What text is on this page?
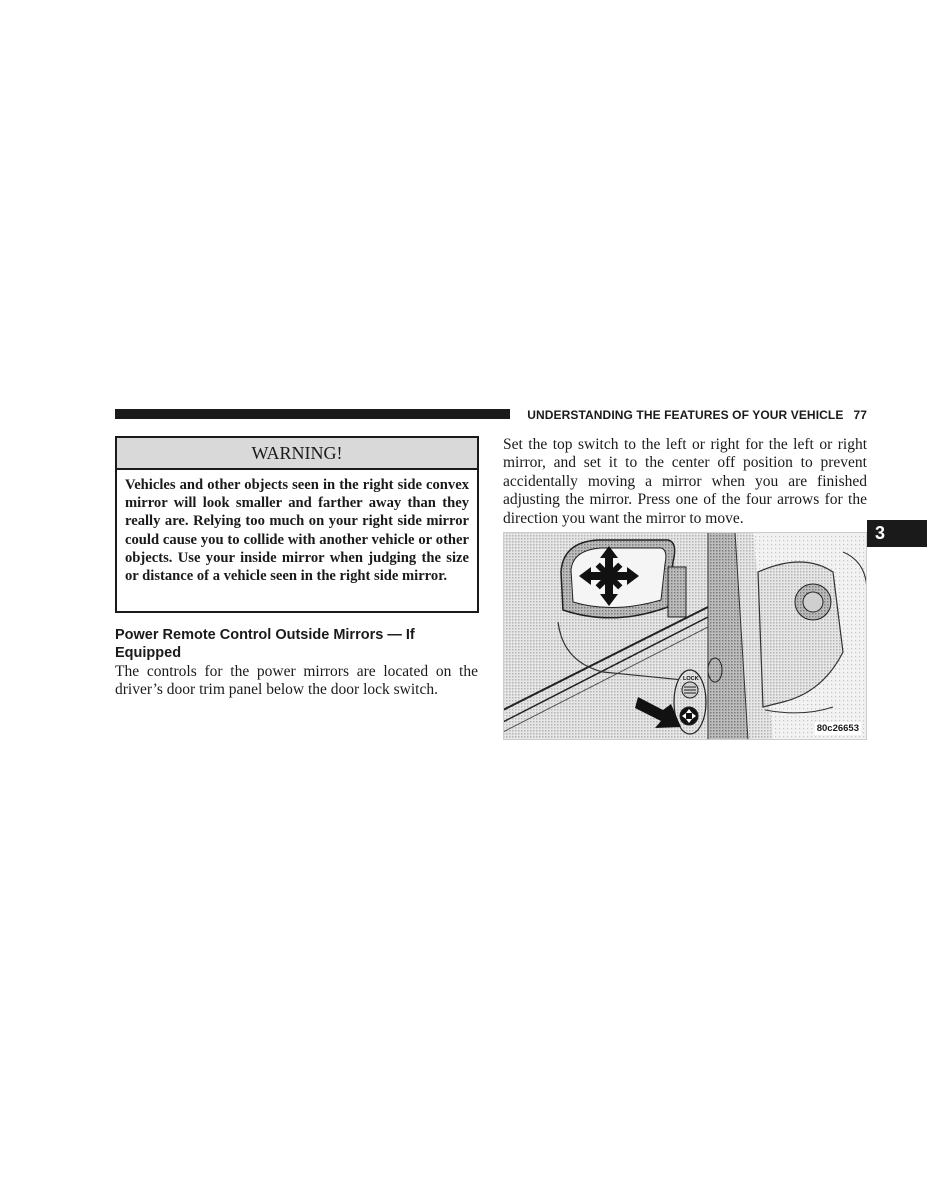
UNDERSTANDING THE FEATURES OF YOUR VEHICLE 77
WARNING!
Vehicles and other objects seen in the right side convex mirror will look smaller and farther away than they really are. Relying too much on your right side mirror could cause you to collide with another vehicle or other objects. Use your inside mirror when judging the size or distance of a vehicle seen in the right side mirror.
Power Remote Control Outside Mirrors — If Equipped
The controls for the power mirrors are located on the driver’s door trim panel below the door lock switch.
Set the top switch to the left or right for the left or right mirror, and set it to the center off position to prevent accidentally moving a mirror when you are finished adjusting the mirror. Press one of the four arrows for the direction you want the mirror to move.
3
LOCK
80c26653
